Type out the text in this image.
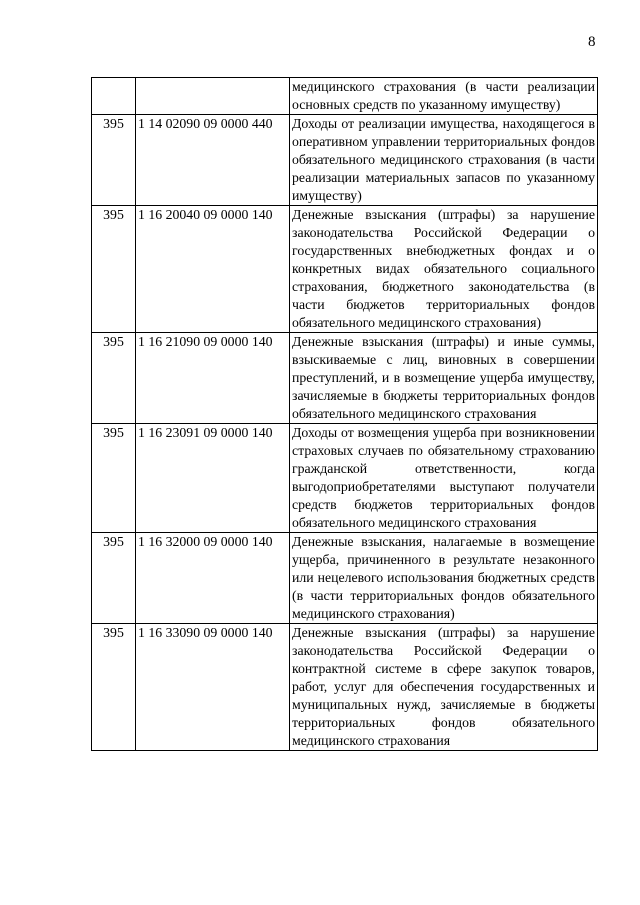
8
		медицинского страхования (в части реализации основных средств по указанному имуществу)
395	1 14 02090 09 0000 440	Доходы от реализации имущества, находящегося в оперативном управлении территориальных фондов обязательного медицинского страхования (в части реализации материальных запасов по указанному имуществу)
395	1 16 20040 09 0000 140	Денежные взыскания (штрафы) за нарушение законодательства Российской Федерации о государственных внебюджетных фондах и о конкретных видах обязательного социального страхования, бюджетного законодательства (в части бюджетов территориальных фондов обязательного медицинского страхования)
395	1 16 21090 09 0000 140	Денежные взыскания (штрафы) и иные суммы, взыскиваемые с лиц, виновных в совершении преступлений, и в возмещение ущерба имуществу, зачисляемые в бюджеты территориальных фондов обязательного медицинского страхования
395	1 16 23091 09 0000 140	Доходы от возмещения ущерба при возникновении страховых случаев по обязательному страхованию гражданской ответственности, когда выгодоприобретателями выступают получатели средств бюджетов территориальных фондов обязательного медицинского страхования
395	1 16 32000 09 0000 140	Денежные взыскания, налагаемые в возмещение ущерба, причиненного в результате незаконного или нецелевого использования бюджетных средств (в части территориальных фондов обязательного медицинского страхования)
395	1 16 33090 09 0000 140	Денежные взыскания (штрафы) за нарушение законодательства Российской Федерации о контрактной системе в сфере закупок товаров, работ, услуг для обеспечения государственных и муниципальных нужд, зачисляемые в бюджеты территориальных фондов обязательного медицинского страхования
